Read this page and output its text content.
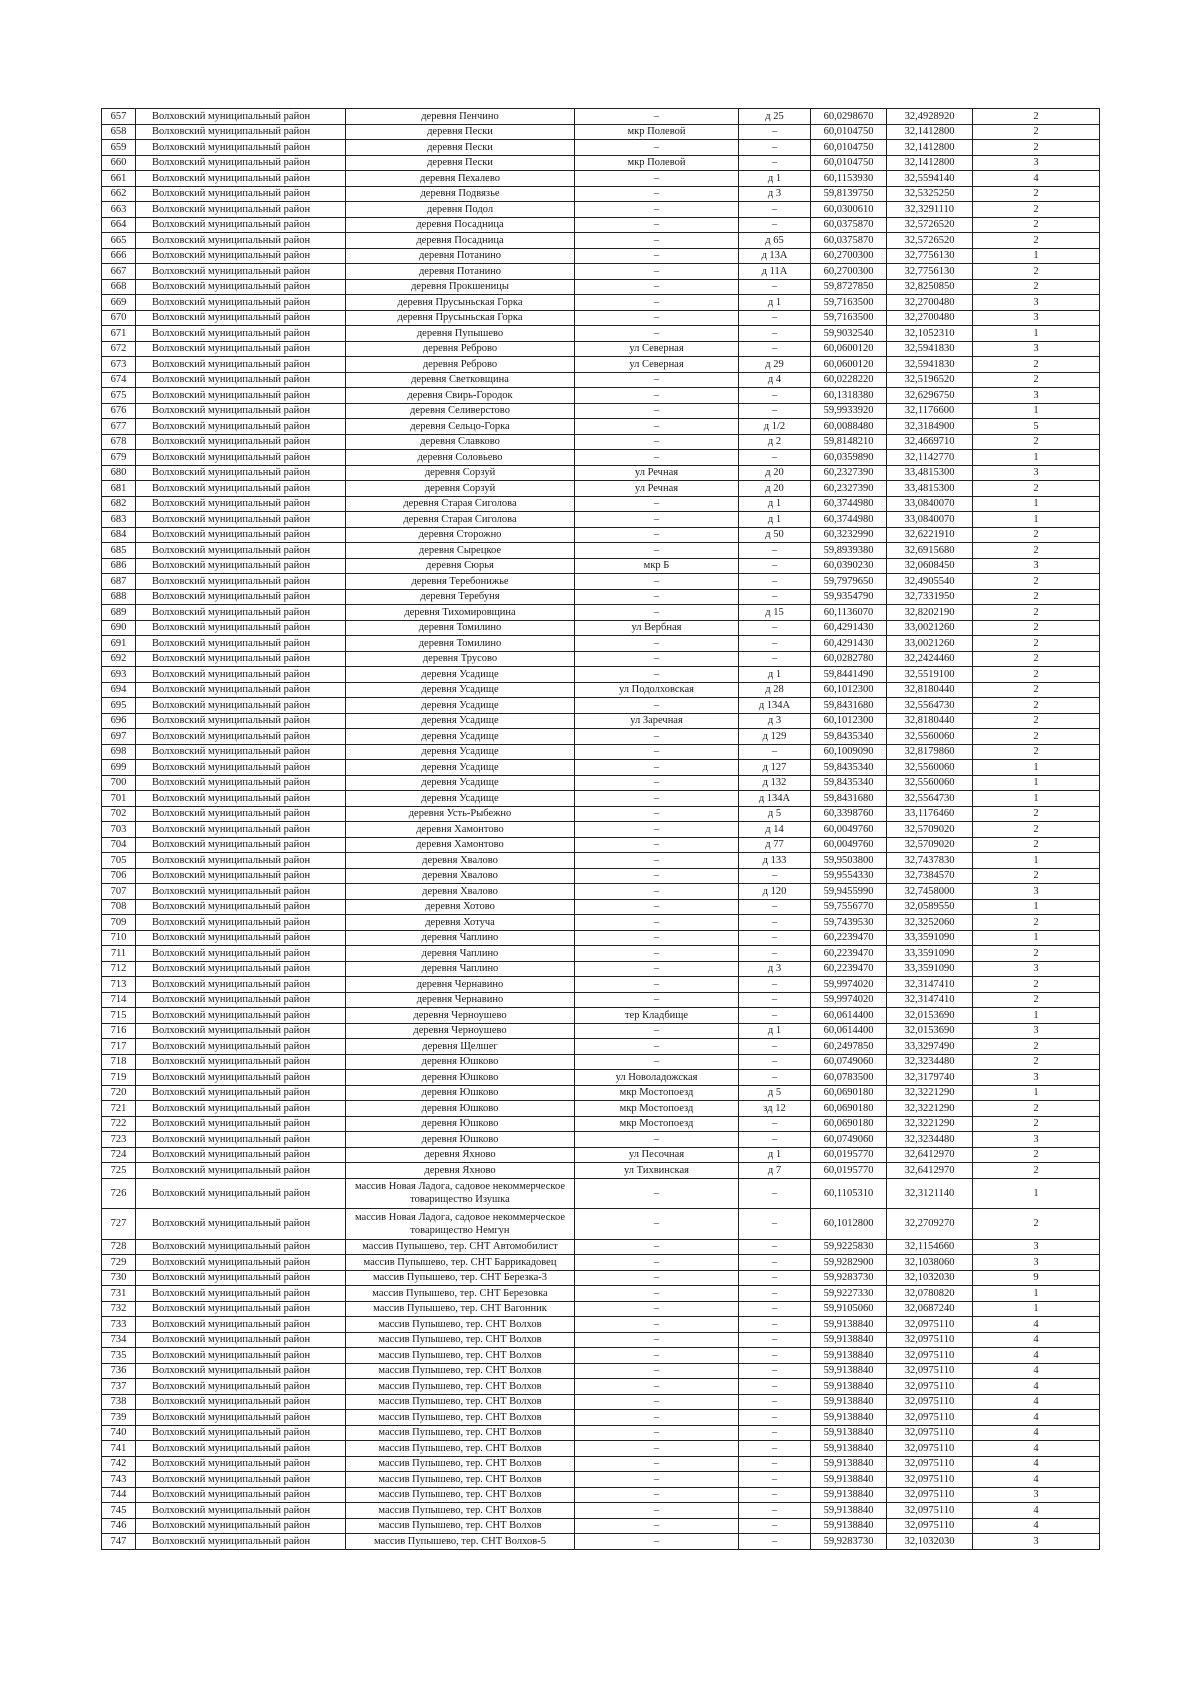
657	Волховский муниципальный район	деревня Пенчино	–	д 25	60,0298670	32,4928920	2
658	Волховский муниципальный район	деревня Пески	мкр Полевой	–	60,0104750	32,1412800	2
659	Волховский муниципальный район	деревня Пески	–	–	60,0104750	32,1412800	2
660	Волховский муниципальный район	деревня Пески	мкр Полевой	–	60,0104750	32,1412800	3
661	Волховский муниципальный район	деревня Пехалево	–	д 1	60,1153930	32,5594140	4
662	Волховский муниципальный район	деревня Подвязье	–	д 3	59,8139750	32,5325250	2
663	Волховский муниципальный район	деревня Подол	–	–	60,0300610	32,3291110	2
664	Волховский муниципальный район	деревня Посадница	–	–	60,0375870	32,5726520	2
665	Волховский муниципальный район	деревня Посадница	–	д 65	60,0375870	32,5726520	2
666	Волховский муниципальный район	деревня Потанино	–	д 13А	60,2700300	32,7756130	1
667	Волховский муниципальный район	деревня Потанино	–	д 11А	60,2700300	32,7756130	2
668	Волховский муниципальный район	деревня Прокшеницы	–	–	59,8727850	32,8250850	2
669	Волховский муниципальный район	деревня Прусыньская Горка	–	д 1	59,7163500	32,2700480	3
670	Волховский муниципальный район	деревня Прусыньская Горка	–	–	59,7163500	32,2700480	3
671	Волховский муниципальный район	деревня Пупышево	–	–	59,9032540	32,1052310	1
672	Волховский муниципальный район	деревня Реброво	ул Северная	–	60,0600120	32,5941830	3
673	Волховский муниципальный район	деревня Реброво	ул Северная	д 29	60,0600120	32,5941830	2
674	Волховский муниципальный район	деревня Светковщина	–	д 4	60,0228220	32,5196520	2
675	Волховский муниципальный район	деревня Свирь-Городок	–	–	60,1318380	32,6296750	3
676	Волховский муниципальный район	деревня Селиверстово	–	–	59,9933920	32,1176600	1
677	Волховский муниципальный район	деревня Сельцо-Горка	–	д 1/2	60,0088480	32,3184900	5
678	Волховский муниципальный район	деревня Славково	–	д 2	59,8148210	32,4669710	2
679	Волховский муниципальный район	деревня Соловьево	–	–	60,0359890	32,1142770	1
680	Волховский муниципальный район	деревня Сорзуй	ул Речная	д 20	60,2327390	33,4815300	3
681	Волховский муниципальный район	деревня Сорзуй	ул Речная	д 20	60,2327390	33,4815300	2
682	Волховский муниципальный район	деревня Старая Сиголова	–	д 1	60,3744980	33,0840070	1
683	Волховский муниципальный район	деревня Старая Сиголова	–	д 1	60,3744980	33,0840070	1
684	Волховский муниципальный район	деревня Сторожно	–	д 50	60,3232990	32,6221910	2
685	Волховский муниципальный район	деревня Сырецкое	–	–	59,8939380	32,6915680	2
686	Волховский муниципальный район	деревня Сюрья	мкр Б	–	60,0390230	32,0608450	3
687	Волховский муниципальный район	деревня Теребонижье	–	–	59,7979650	32,4905540	2
688	Волховский муниципальный район	деревня Теребуня	–	–	59,9354790	32,7331950	2
689	Волховский муниципальный район	деревня Тихомировщина	–	д 15	60,1136070	32,8202190	2
690	Волховский муниципальный район	деревня Томилино	ул Вербная	–	60,4291430	33,0021260	2
691	Волховский муниципальный район	деревня Томилино	–	–	60,4291430	33,0021260	2
692	Волховский муниципальный район	деревня Трусово	–	–	60,0282780	32,2424460	2
693	Волховский муниципальный район	деревня Усадище	–	д 1	59,8441490	32,5519100	2
694	Волховский муниципальный район	деревня Усадище	ул Подолховская	д 28	60,1012300	32,8180440	2
695	Волховский муниципальный район	деревня Усадище	–	д 134А	59,8431680	32,5564730	2
696	Волховский муниципальный район	деревня Усадище	ул Заречная	д 3	60,1012300	32,8180440	2
697	Волховский муниципальный район	деревня Усадище	–	д 129	59,8435340	32,5560060	2
698	Волховский муниципальный район	деревня Усадище	–	–	60,1009090	32,8179860	2
699	Волховский муниципальный район	деревня Усадище	–	д 127	59,8435340	32,5560060	1
700	Волховский муниципальный район	деревня Усадище	–	д 132	59,8435340	32,5560060	1
701	Волховский муниципальный район	деревня Усадище	–	д 134А	59,8431680	32,5564730	1
702	Волховский муниципальный район	деревня Усть-Рыбежно	–	д 5	60,3398760	33,1176460	2
703	Волховский муниципальный район	деревня Хамонтово	–	д 14	60,0049760	32,5709020	2
704	Волховский муниципальный район	деревня Хамонтово	–	д 77	60,0049760	32,5709020	2
705	Волховский муниципальный район	деревня Хвалово	–	д 133	59,9503800	32,7437830	1
706	Волховский муниципальный район	деревня Хвалово	–	–	59,9554330	32,7384570	2
707	Волховский муниципальный район	деревня Хвалово	–	д 120	59,9455990	32,7458000	3
708	Волховский муниципальный район	деревня Хотово	–	–	59,7556770	32,0589550	1
709	Волховский муниципальный район	деревня Хотуча	–	–	59,7439530	32,3252060	2
710	Волховский муниципальный район	деревня Чаплино	–	–	60,2239470	33,3591090	1
711	Волховский муниципальный район	деревня Чаплино	–	–	60,2239470	33,3591090	2
712	Волховский муниципальный район	деревня Чаплино	–	д 3	60,2239470	33,3591090	3
713	Волховский муниципальный район	деревня Чернавино	–	–	59,9974020	32,3147410	2
714	Волховский муниципальный район	деревня Чернавино	–	–	59,9974020	32,3147410	2
715	Волховский муниципальный район	деревня Черноушево	тер Кладбище	–	60,0614400	32,0153690	1
716	Волховский муниципальный район	деревня Черноушево	–	д 1	60,0614400	32,0153690	3
717	Волховский муниципальный район	деревня Щелшег	–	–	60,2497850	33,3297490	2
718	Волховский муниципальный район	деревня Юшково	–	–	60,0749060	32,3234480	2
719	Волховский муниципальный район	деревня Юшково	ул Новоладожская	–	60,0783500	32,3179740	3
720	Волховский муниципальный район	деревня Юшково	мкр Мостопоезд	д 5	60,0690180	32,3221290	1
721	Волховский муниципальный район	деревня Юшково	мкр Мостопоезд	зд 12	60,0690180	32,3221290	2
722	Волховский муниципальный район	деревня Юшково	мкр Мостопоезд	–	60,0690180	32,3221290	2
723	Волховский муниципальный район	деревня Юшково	–	–	60,0749060	32,3234480	3
724	Волховский муниципальный район	деревня Яхново	ул Песочная	д 1	60,0195770	32,6412970	2
725	Волховский муниципальный район	деревня Яхново	ул Тихвинская	д 7	60,0195770	32,6412970	2
726	Волховский муниципальный район	массив Новая Ладога, садовое некоммерческое товарищество Изушка	–	–	60,1105310	32,3121140	1
727	Волховский муниципальный район	массив Новая Ладога, садовое некоммерческое товарищество Немгун	–	–	60,1012800	32,2709270	2
728	Волховский муниципальный район	массив Пупышево, тер. СНТ Автомобилист	–	–	59,9225830	32,1154660	3
729	Волховский муниципальный район	массив Пупышево, тер. СНТ Баррикадовец	–	–	59,9282900	32,1038060	3
730	Волховский муниципальный район	массив Пупышево, тер. СНТ Березка-3	–	–	59,9283730	32,1032030	9
731	Волховский муниципальный район	массив Пупышево, тер. СНТ Березовка	–	–	59,9227330	32,0780820	1
732	Волховский муниципальный район	массив Пупышево, тер. СНТ Вагонник	–	–	59,9105060	32,0687240	1
733	Волховский муниципальный район	массив Пупышево, тер. СНТ Волхов	–	–	59,9138840	32,0975110	4
734	Волховский муниципальный район	массив Пупышево, тер. СНТ Волхов	–	–	59,9138840	32,0975110	4
735	Волховский муниципальный район	массив Пупышево, тер. СНТ Волхов	–	–	59,9138840	32,0975110	4
736	Волховский муниципальный район	массив Пупышево, тер. СНТ Волхов	–	–	59,9138840	32,0975110	4
737	Волховский муниципальный район	массив Пупышево, тер. СНТ Волхов	–	–	59,9138840	32,0975110	4
738	Волховский муниципальный район	массив Пупышево, тер. СНТ Волхов	–	–	59,9138840	32,0975110	4
739	Волховский муниципальный район	массив Пупышево, тер. СНТ Волхов	–	–	59,9138840	32,0975110	4
740	Волховский муниципальный район	массив Пупышево, тер. СНТ Волхов	–	–	59,9138840	32,0975110	4
741	Волховский муниципальный район	массив Пупышево, тер. СНТ Волхов	–	–	59,9138840	32,0975110	4
742	Волховский муниципальный район	массив Пупышево, тер. СНТ Волхов	–	–	59,9138840	32,0975110	4
743	Волховский муниципальный район	массив Пупышево, тер. СНТ Волхов	–	–	59,9138840	32,0975110	4
744	Волховский муниципальный район	массив Пупышево, тер. СНТ Волхов	–	–	59,9138840	32,0975110	3
745	Волховский муниципальный район	массив Пупышево, тер. СНТ Волхов	–	–	59,9138840	32,0975110	4
746	Волховский муниципальный район	массив Пупышево, тер. СНТ Волхов	–	–	59,9138840	32,0975110	4
747	Волховский муниципальный район	массив Пупышево, тер. СНТ Волхов-5	–	–	59,9283730	32,1032030	3
